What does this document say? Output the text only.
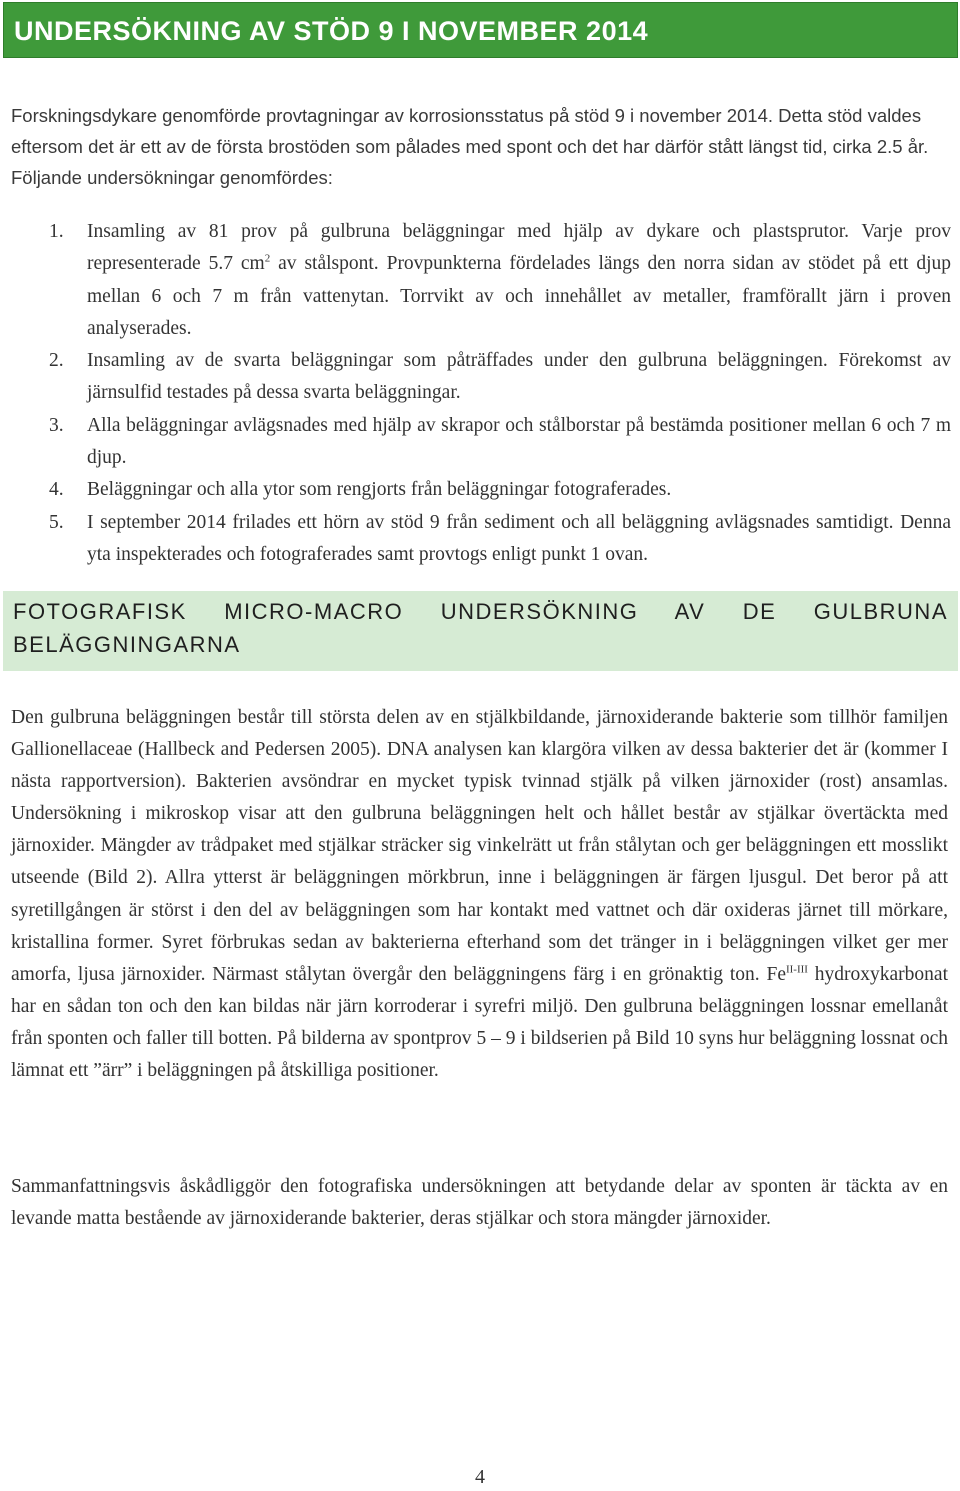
UNDERSÖKNING AV STÖD 9 I NOVEMBER 2014

Forskningsdykare genomförde provtagningar av korrosionsstatus på stöd 9 i november 2014. Detta stöd valdes eftersom det är ett av de första brostöden som pålades med spont och det har därför stått längst tid, cirka 2.5 år. Följande undersökningar genomfördes:

1. Insamling av 81 prov på gulbruna beläggningar med hjälp av dykare och plastsprutor. Varje prov representerade 5.7 $cm^2$ av stålspont. Provpunkterna fördelades längs den norra sidan av stödet på ett djup mellan 6 och 7 m från vattenytan. Torrvikt av och innehållet av metaller, framförallt järn i proven analyserades.
2. Insamling av de svarta beläggningar som påträffades under den gulbruna beläggningen. Förekomst av järnsulfid testades på dessa svarta beläggningar.
3. Alla beläggningar avlägsnades med hjälp av skrapor och stålborstar på bestämda positioner mellan 6 och 7 m djup.
4. Beläggningar och alla ytor som rengjorts från beläggningar fotograferades.
5. I september 2014 frilades ett hörn av stöd 9 från sediment och all beläggning avlägsnades samtidigt. Denna yta inspekterades och fotograferades samt provtogs enligt punkt 1 ovan.
FOTOGRAFISK MICRO-MACRO UNDERSÖKNING AV DE GULBRUNA BELÄGGNINGARNA

Den gulbruna beläggningen består till största delen av en stjälkbildande, järnoxiderande bakterie som tillhör familjen Gallionellaceae (Hallbeck and Pedersen 2005). DNA analysen kan klargöra vilken av dessa bakterier det är (kommer I nästa rapportversion). Bakterien avsöndrar en mycket typisk tvinnad stjälk på vilken järnoxider (rost) ansamlas. Undersökning i mikroskop visar att den gulbruna beläggningen helt och hållet består av stjälkar övertäckta med järnoxider. Mängder av trådpaket med stjälkar sträcker sig vinkelrätt ut från stålytan och ger beläggningen ett mosslikt utseende (Bild 2). Allra ytterst är beläggningen mörkbrun, inne i beläggningen är färgen ljusgul. Det beror på att syretillgången är störst i den del av beläggningen som har kontakt med vattnet och där oxideras järnet till mörkare, kristallina former. Syret förbrukas sedan av bakterierna efterhand som det tränger in i beläggningen vilket ger mer amorfa, ljusa järnoxider. Närmast stålytan övergår den beläggningens färg i en grönaktig ton. $Fe^{II-III}$ hydroxykarbonat har en sådan ton och den kan bildas när järn korroderar i syrefri miljö. Den gulbruna beläggningen lossnar emellanåt från sponten och faller till botten. På bilderna av spontprov 5 – 9 i bildserien på Bild 10 syns hur beläggning lossnat och lämnat ett ”ärr” i beläggningen på åtskilliga positioner.

Sammanfattningsvis åskådliggör den fotografiska undersökningen att betydande delar av sponten är täckta av en levande matta bestående av järnoxiderande bakterier, deras stjälkar och stora mängder järnoxider.

4
